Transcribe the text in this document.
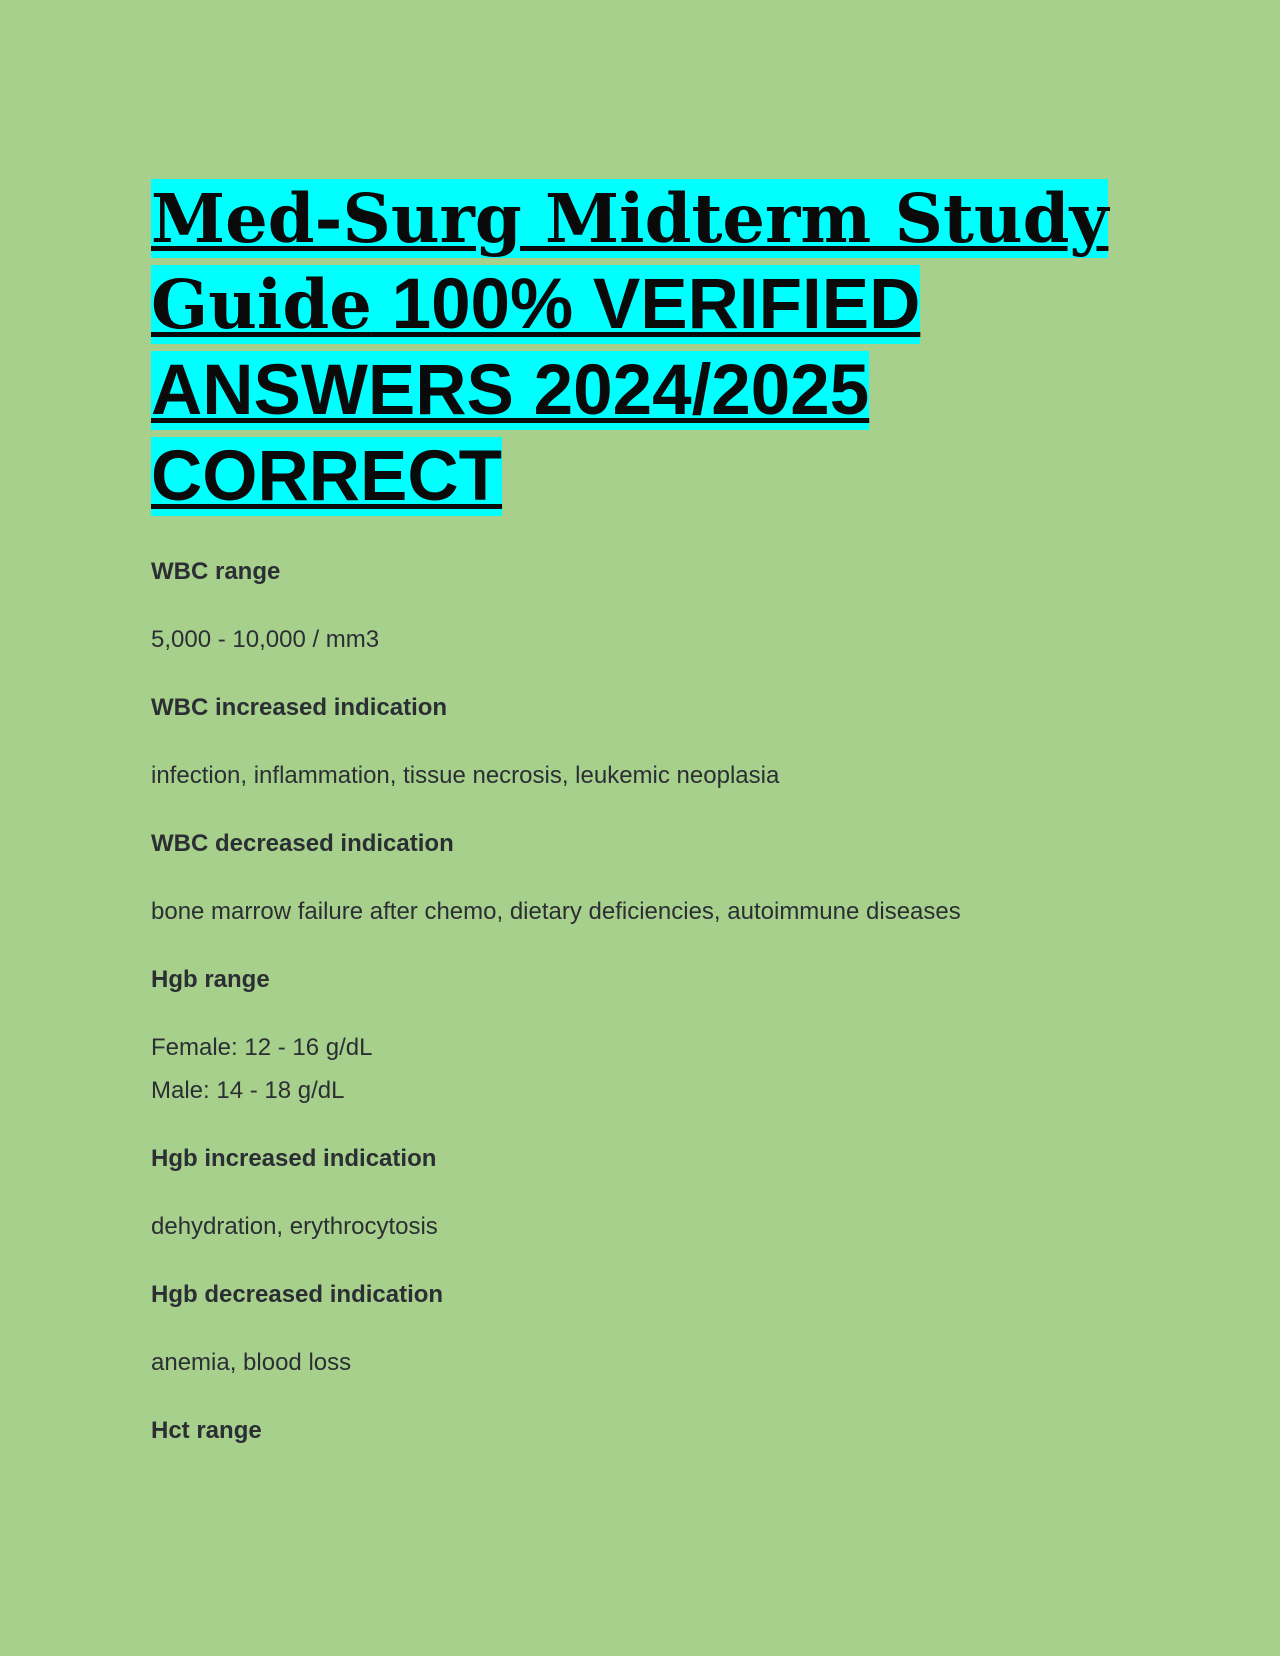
Med-Surg Midterm Study Guide 100% VERIFIED ANSWERS 2024/2025 CORRECT

WBC range

5,000 - 10,000 / mm3

WBC increased indication

infection, inflammation, tissue necrosis, leukemic neoplasia

WBC decreased indication

bone marrow failure after chemo, dietary deficiencies, autoimmune diseases

Hgb range

Female: 12 - 16 g/dL
Male: 14 - 18 g/dL

Hgb increased indication

dehydration, erythrocytosis

Hgb decreased indication

anemia, blood loss

Hct range
